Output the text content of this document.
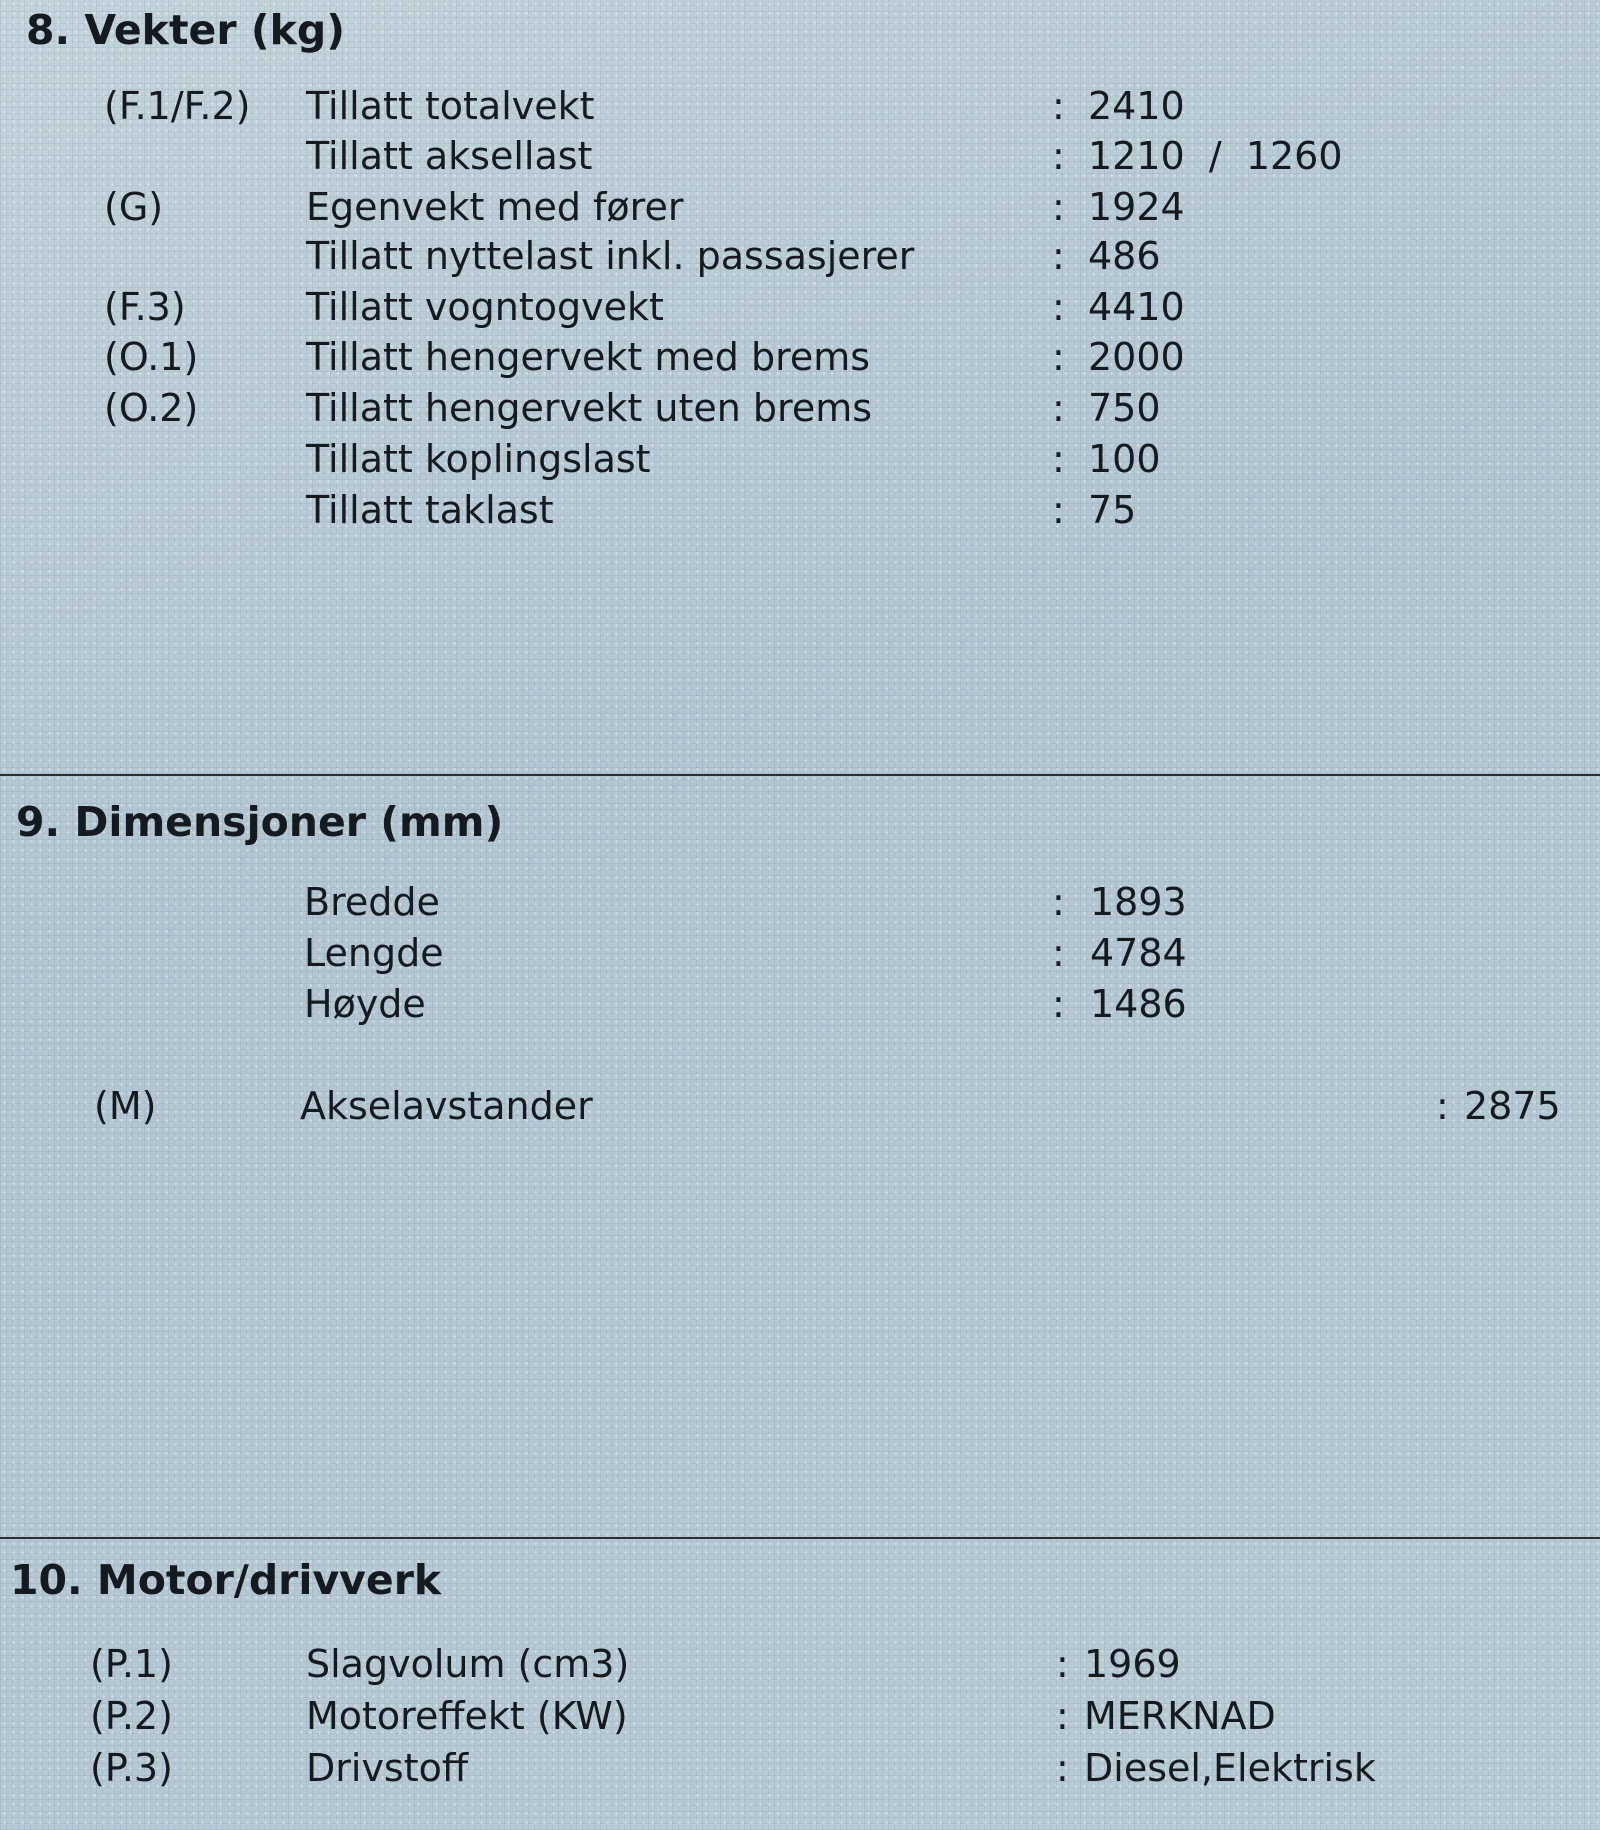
8. Vekter (kg)
(F.1/F.2) Tillatt totalvekt	: 2410
Tillatt aksellast	: 1210  /  1260
(G)	Egenvekt med fører	: 1924
Tillatt nyttelast inkl. passasjerer	: 486
(F.3)	Tillatt vogntogvekt	: 4410
(O.1)	Tillatt hengervekt med brems	: 2000
(O.2)	Tillatt hengervekt uten brems	: 750
Tillatt koplingslast	: 100
Tillatt taklast	: 75
9. Dimensjoner (mm)
Bredde	: 1893
Lengde	: 4784
Høyde	: 1486
(M)	Akselavstander	: 2875
10. Motor/drivverk
(P.1)	Slagvolum (cm3)	: 1969
(P.2)	Motoreffekt (KW)	: MERKNAD
(P.3)	Drivstoff	: Diesel,Elektrisk
